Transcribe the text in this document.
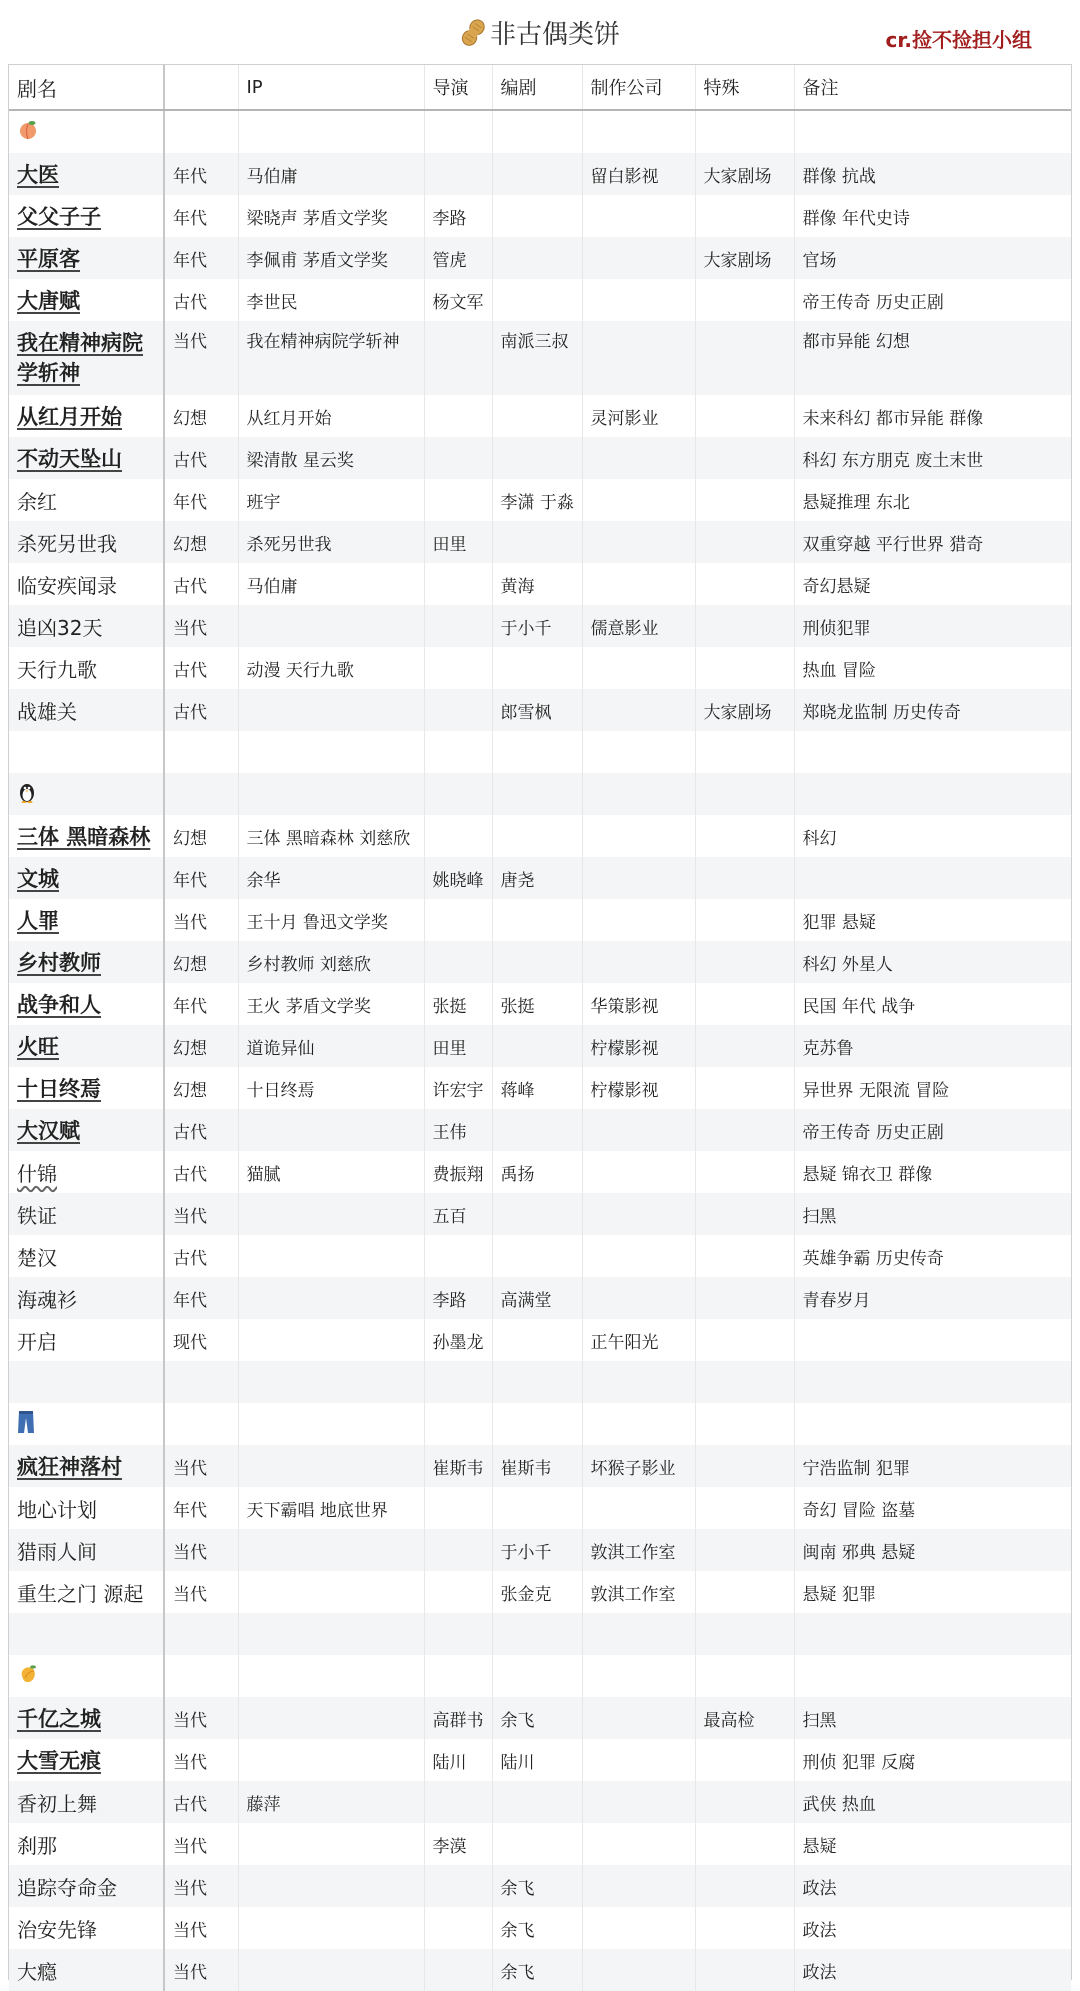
非古偶类饼	cr.捡不捡担小组
剧名		IP	导演	编剧	制作公司	特殊	备注

大医	年代	马伯庸			留白影视	大家剧场	群像 抗战
父父子子	年代	梁晓声 茅盾文学奖	李路				群像 年代史诗
平原客	年代	李佩甫 茅盾文学奖	管虎			大家剧场	官场
大唐赋	古代	李世民	杨文军				帝王传奇 历史正剧
我在精神病院学斩神	当代	我在精神病院学斩神		南派三叔			都市异能 幻想
从红月开始	幻想	从红月开始			灵河影业		未来科幻 都市异能 群像
不动天坠山	古代	梁清散 星云奖					科幻 东方朋克 废土末世
余红	年代	班宇		李潇 于淼			悬疑推理 东北
杀死另世我	幻想	杀死另世我	田里				双重穿越 平行世界 猎奇
临安疾闻录	古代	马伯庸		黄海			奇幻悬疑
追凶32天	当代			于小千	儒意影业		刑侦犯罪
天行九歌	古代	动漫 天行九歌					热血 冒险
战雄关	古代			郎雪枫		大家剧场	郑晓龙监制 历史传奇

三体 黑暗森林	幻想	三体 黑暗森林 刘慈欣					科幻
文城	年代	余华	姚晓峰	唐尧			
人罪	当代	王十月 鲁迅文学奖					犯罪 悬疑
乡村教师	幻想	乡村教师 刘慈欣					科幻 外星人
战争和人	年代	王火 茅盾文学奖	张挺	张挺	华策影视		民国 年代 战争
火旺	幻想	道诡异仙	田里		柠檬影视		克苏鲁
十日终焉	幻想	十日终焉	许宏宇	蒋峰	柠檬影视		异世界 无限流 冒险
大汉赋	古代		王伟				帝王传奇 历史正剧
什锦	古代	猫腻	费振翔	禹扬			悬疑 锦衣卫 群像
铁证	当代		五百				扫黑
楚汉	古代						英雄争霸 历史传奇
海魂衫	年代		李路	高满堂			青春岁月
开启	现代		孙墨龙		正午阳光		

疯狂神落村	当代		崔斯韦	崔斯韦	坏猴子影业		宁浩监制 犯罪
地心计划	年代	天下霸唱 地底世界					奇幻 冒险 盗墓
猎雨人间	当代			于小千	敦淇工作室		闽南 邪典 悬疑
重生之门 源起	当代			张金克	敦淇工作室		悬疑 犯罪

千亿之城	当代		高群书	余飞		最高检	扫黑
大雪无痕	当代		陆川	陆川			刑侦 犯罪 反腐
香初上舞	古代	藤萍					武侠 热血
刹那	当代		李漠				悬疑
追踪夺命金	当代			余飞			政法
治安先锋	当代			余飞			政法
大瘾	当代			余飞			政法
